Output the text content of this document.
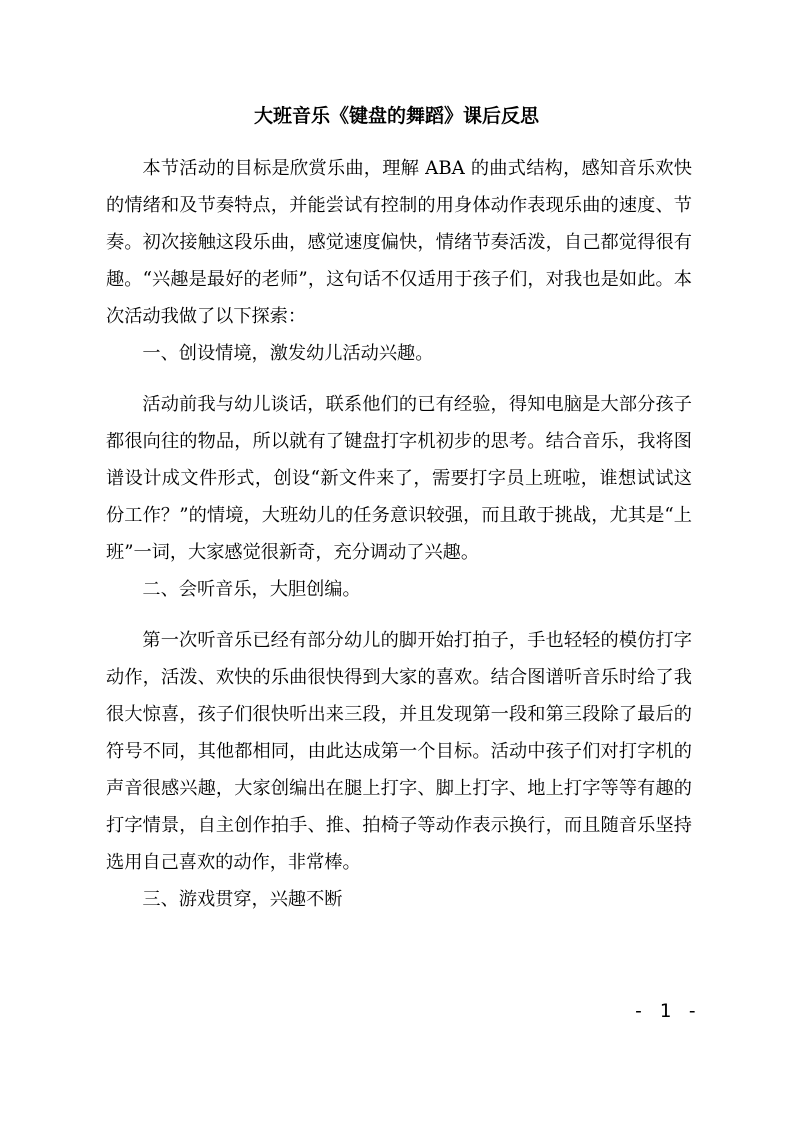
大班音乐《键盘的舞蹈》课后反思

本节活动的目标是欣赏乐曲，理解 ABA 的曲式结构，感知音乐欢快的情绪和及节奏特点，并能尝试有控制的用身体动作表现乐曲的速度、节奏。初次接触这段乐曲，感觉速度偏快，情绪节奏活泼，自己都觉得很有趣。“兴趣是最好的老师”，这句话不仅适用于孩子们，对我也是如此。本次活动我做了以下探索：

一、创设情境，激发幼儿活动兴趣。

活动前我与幼儿谈话，联系他们的已有经验，得知电脑是大部分孩子都很向往的物品，所以就有了键盘打字机初步的思考。结合音乐，我将图谱设计成文件形式，创设“新文件来了，需要打字员上班啦，谁想试试这份工作？”的情境，大班幼儿的任务意识较强，而且敢于挑战，尤其是“上班”一词，大家感觉很新奇，充分调动了兴趣。

二、会听音乐，大胆创编。

第一次听音乐已经有部分幼儿的脚开始打拍子，手也轻轻的模仿打字动作，活泼、欢快的乐曲很快得到大家的喜欢。结合图谱听音乐时给了我很大惊喜，孩子们很快听出来三段，并且发现第一段和第三段除了最后的符号不同，其他都相同，由此达成第一个目标。活动中孩子们对打字机的声音很感兴趣，大家创编出在腿上打字、脚上打字、地上打字等等有趣的打字情景，自主创作拍手、推、拍椅子等动作表示换行，而且随音乐坚持选用自己喜欢的动作，非常棒。

三、游戏贯穿，兴趣不断

- 1 -
